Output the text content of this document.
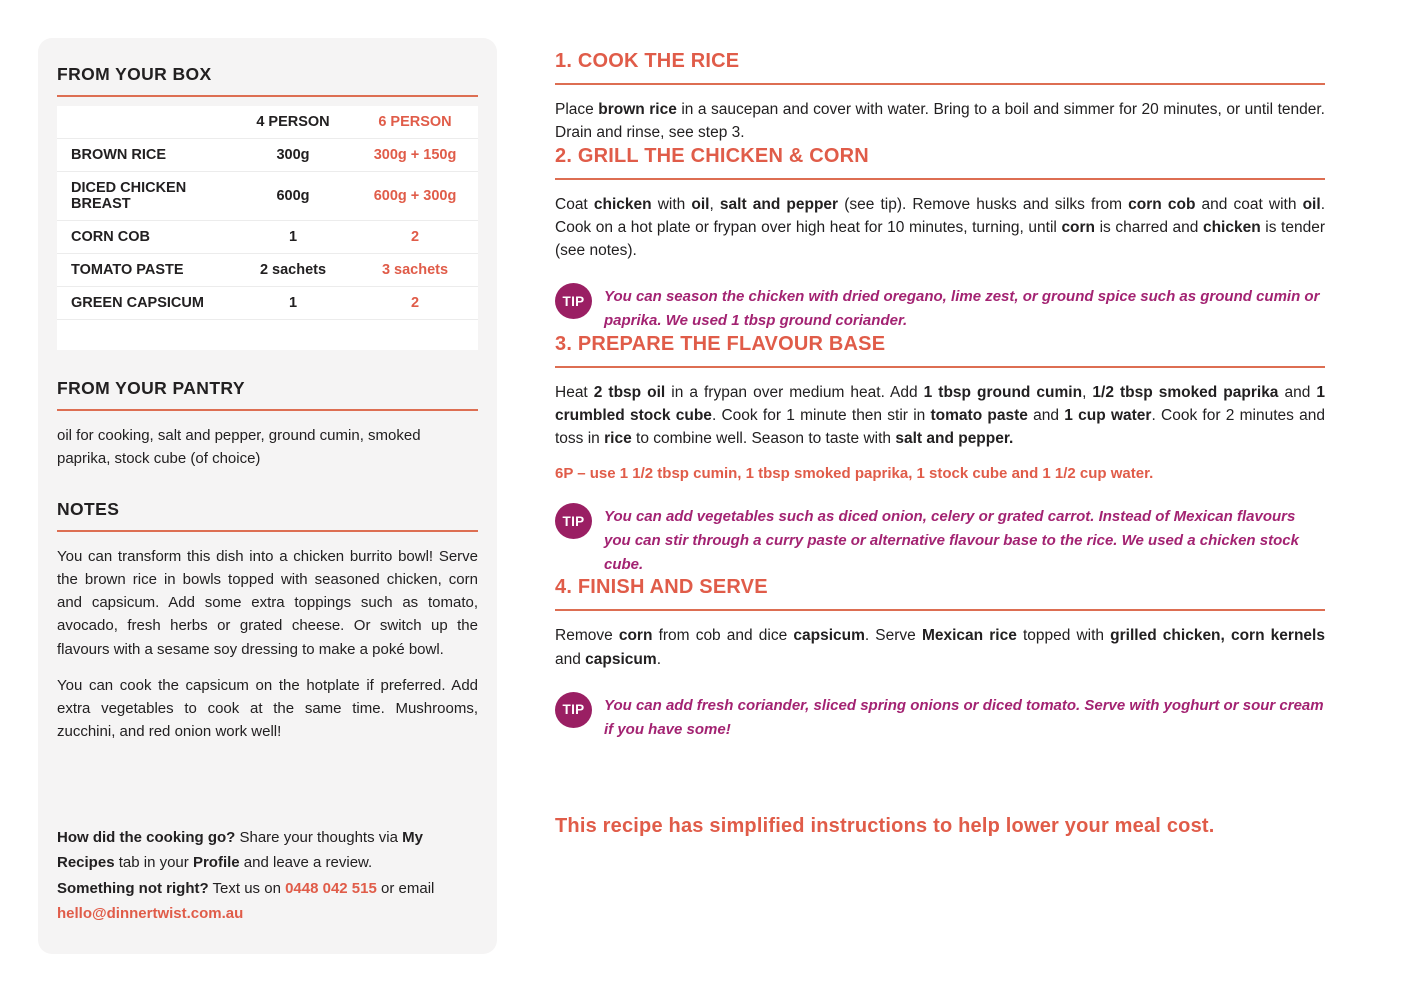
FROM YOUR BOX
	4 PERSON	6 PERSON
BROWN RICE	300g	300g + 150g
DICED CHICKEN BREAST	600g	600g + 300g
CORN COB	1	2
TOMATO PASTE	2 sachets	3 sachets
GREEN CAPSICUM	1	2
FROM YOUR PANTRY

oil for cooking, salt and pepper, ground cumin, smoked paprika, stock cube (of choice)

NOTES

You can transform this dish into a chicken burrito bowl! Serve the brown rice in bowls topped with seasoned chicken, corn and capsicum. Add some extra toppings such as tomato, avocado, fresh herbs or grated cheese. Or switch up the flavours with a sesame soy dressing to make a poké bowl.

You can cook the capsicum on the hotplate if preferred. Add extra vegetables to cook at the same time. Mushrooms, zucchini, and red onion work well!

How did the cooking go? Share your thoughts via My Recipes tab in your Profile and leave a review.

Something not right? Text us on 0448 042 515 or email hello@dinnertwist.com.au

1. COOK THE RICE

Place brown rice in a saucepan and cover with water. Bring to a boil and simmer for 20 minutes, or until tender. Drain and rinse, see step 3.

2. GRILL THE CHICKEN & CORN

Coat chicken with oil, salt and pepper (see tip). Remove husks and silks from corn cob and coat with oil. Cook on a hot plate or frypan over high heat for 10 minutes, turning, until corn is charred and chicken is tender (see notes).

TIP	You can season the chicken with dried oregano, lime zest, or ground spice such as ground cumin or paprika. We used 1 tbsp ground coriander.

3. PREPARE THE FLAVOUR BASE

Heat 2 tbsp oil in a frypan over medium heat. Add 1 tbsp ground cumin, 1/2 tbsp smoked paprika and 1 crumbled stock cube. Cook for 1 minute then stir in tomato paste and 1 cup water. Cook for 2 minutes and toss in rice to combine well. Season to taste with salt and pepper.

6P – use 1 1/2 tbsp cumin, 1 tbsp smoked paprika, 1 stock cube and 1 1/2 cup water.

TIP	You can add vegetables such as diced onion, celery or grated carrot. Instead of Mexican flavours you can stir through a curry paste or alternative flavour base to the rice. We used a chicken stock cube.

4. FINISH AND SERVE

Remove corn from cob and dice capsicum. Serve Mexican rice topped with grilled chicken, corn kernels and capsicum.

TIP	You can add fresh coriander, sliced spring onions or diced tomato. Serve with yoghurt or sour cream if you have some!

This recipe has simplified instructions to help lower your meal cost.
